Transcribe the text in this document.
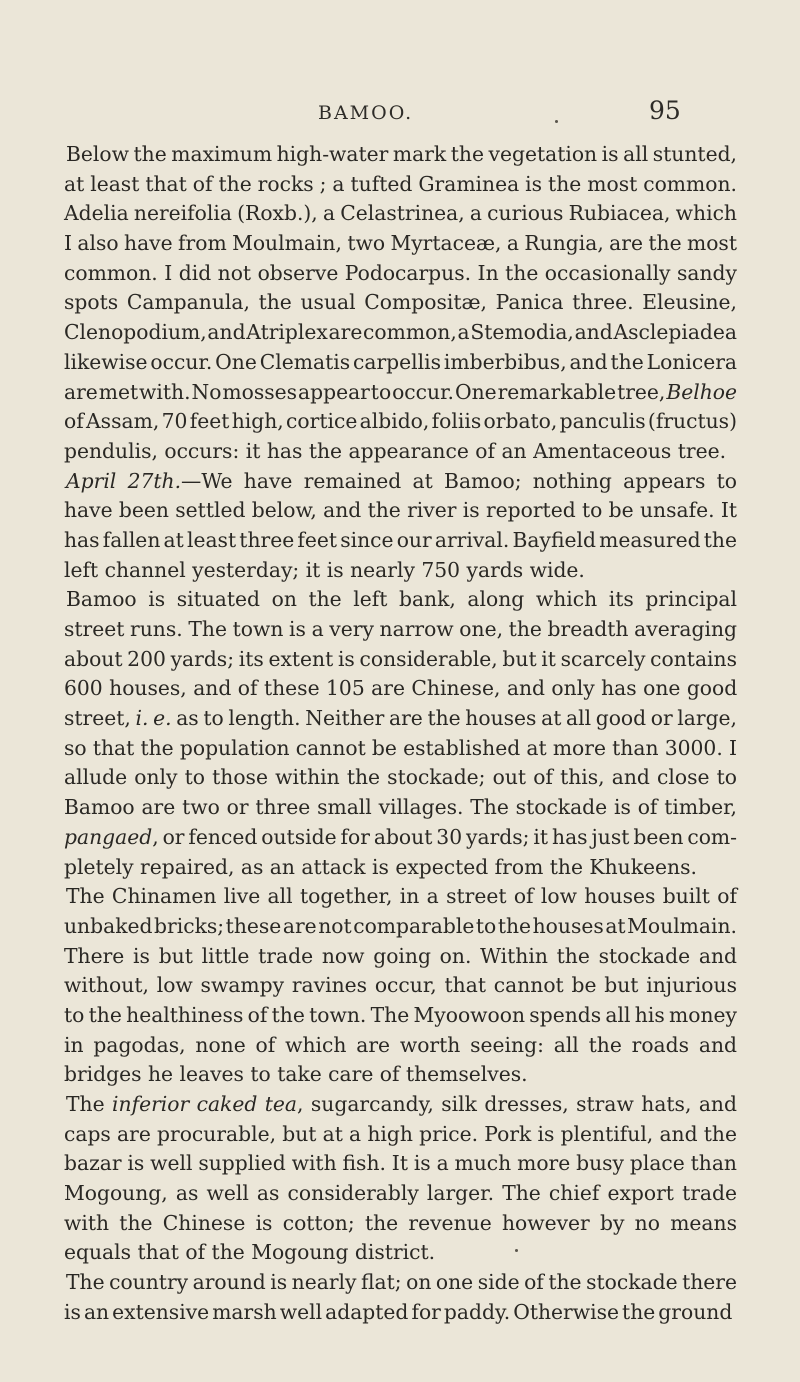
BAMOO.	95
Below the maximum high-water mark the vegetation is all stunted,
at least that of the rocks ; a tufted Graminea is the most common.
Adelia nereifolia (Roxb.), a Celastrinea, a curious Rubiacea, which
I also have from Moulmain, two Myrtaceæ, a Rungia, are the most
common. I did not observe Podocarpus. In the occasionally sandy
spots Campanula, the usual Compositæ, Panica three. Eleusine,
Clenopodium, and Atriplex are common, a Stemodia, and Asclepiadea
likewise occur. One Clematis carpellis imberbibus, and the Lonicera
are met with. No mosses appear to occur. One remarkable tree, Belhoe
of Assam, 70 feet high, cortice albido, foliis orbato, panculis (fructus)
pendulis, occurs: it has the appearance of an Amentaceous tree.
April 27th.—We have remained at Bamoo; nothing appears to
have been settled below, and the river is reported to be unsafe. It
has fallen at least three feet since our arrival. Bayfield measured the
left channel yesterday; it is nearly 750 yards wide.
Bamoo is situated on the left bank, along which its principal
street runs. The town is a very narrow one, the breadth averaging
about 200 yards; its extent is considerable, but it scarcely contains
600 houses, and of these 105 are Chinese, and only has one good
street, i. e. as to length. Neither are the houses at all good or large,
so that the population cannot be established at more than 3000. I
allude only to those within the stockade; out of this, and close to
Bamoo are two or three small villages. The stockade is of timber,
pangaed, or fenced outside for about 30 yards; it has just been com-
pletely repaired, as an attack is expected from the Khukeens.
The Chinamen live all together, in a street of low houses built of
unbaked bricks; these are not comparable to the houses at Moulmain.
There is but little trade now going on. Within the stockade and
without, low swampy ravines occur, that cannot be but injurious
to the healthiness of the town. The Myoowoon spends all his money
in pagodas, none of which are worth seeing: all the roads and
bridges he leaves to take care of themselves.
The inferior caked tea, sugarcandy, silk dresses, straw hats, and
caps are procurable, but at a high price. Pork is plentiful, and the
bazar is well supplied with fish. It is a much more busy place than
Mogoung, as well as considerably larger. The chief export trade
with the Chinese is cotton; the revenue however by no means
equals that of the Mogoung district.
The country around is nearly flat; on one side of the stockade there
is an extensive marsh well adapted for paddy. Otherwise the ground
